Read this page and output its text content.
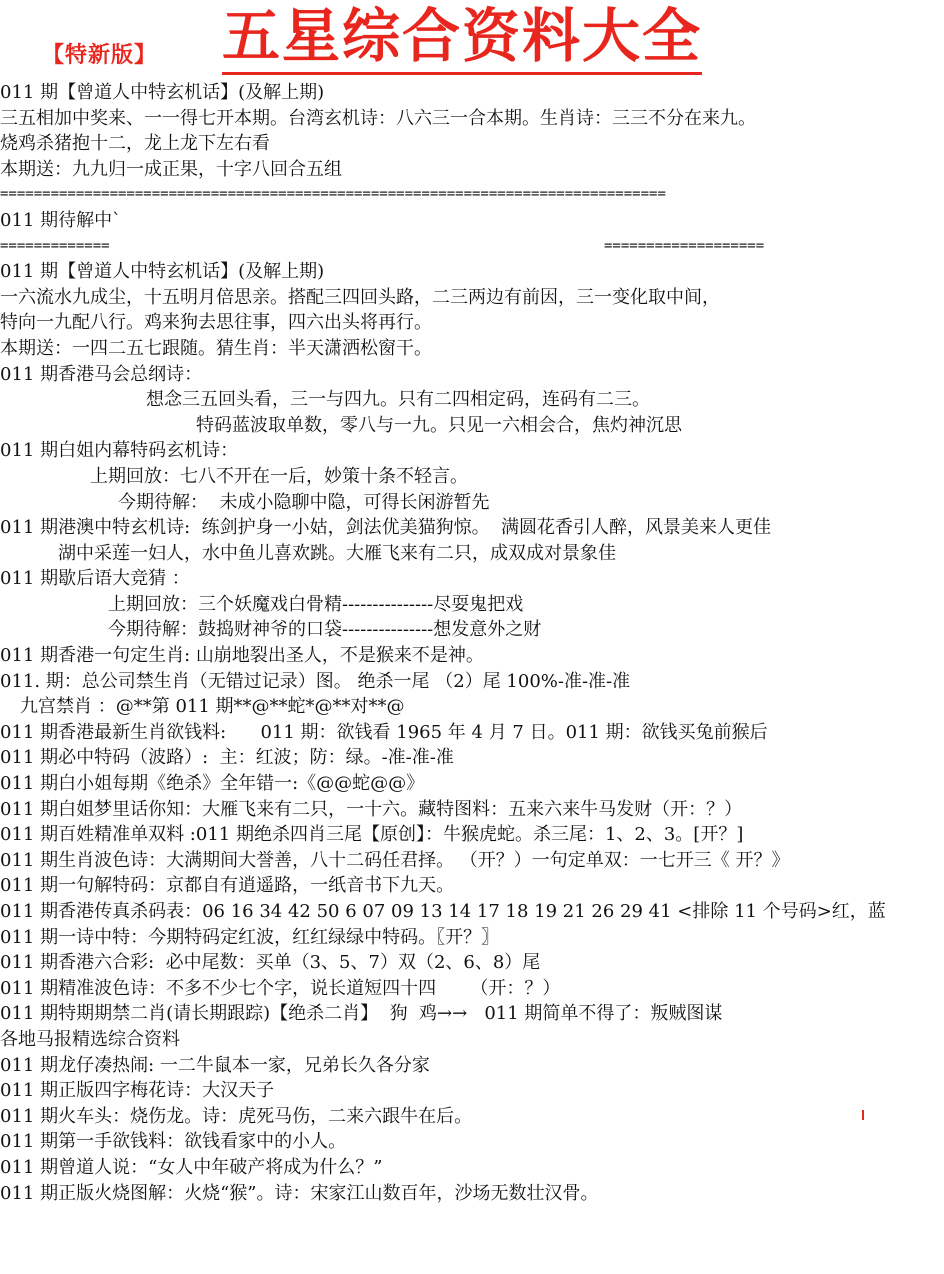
【特新版】 五星综合资料大全
011 期【曾道人中特玄机话】(及解上期)
三五相加中奖来、一一得七开本期。台湾玄机诗：八六三一合本期。生肖诗：三三不分在来九。
烧鸡杀猪抱十二，龙上龙下左右看
本期送：九九归一成正果，十字八回合五组
===============================================================================
011 期待解中`
=============	===================
011 期【曾道人中特玄机话】(及解上期)
一六流水九成尘，十五明月倍思亲。搭配三四回头路，二三两边有前因，三一变化取中间，
特向一九配八行。鸡来狗去思往事，四六出头将再行。
本期送：一四二五七跟随。猜生肖：半天潇洒松窗干。
011 期香港马会总纲诗：
想念三五回头看，三一与四九。只有二四相定码，连码有二三。
特码蓝波取单数，零八与一九。只见一六相会合，焦灼神沉思
011 期白姐内幕特码玄机诗：
上期回放：七八不开在一后，妙策十条不轻言。
今期待解：  未成小隐聊中隐，可得长闲游暂先
011 期港澳中特玄机诗:  练剑护身一小姑，剑法优美猫狗惊。  满圆花香引人醉，风景美来人更佳
湖中采莲一妇人，水中鱼儿喜欢跳。大雁飞来有二只，成双成对景象佳
011 期歇后语大竞猜 ：
上期回放：三个妖魔戏白骨精---------------尽耍鬼把戏
今期待解：鼓捣财神爷的口袋---------------想发意外之财
011 期香港一句定生肖: 山崩地裂出圣人，不是猴来不是神。
011. 期：总公司禁生肖（无错过记录）图。 绝杀一尾 （2）尾 100%-准-准-准
九宫禁肖 ：@**第 011 期**@**蛇*@**对**@
011 期香港最新生肖欲钱料:      011 期：欲钱看 1965 年 4 月 7 日。011 期：欲钱买兔前猴后
011 期必中特码（波路）:  主：红波；防：绿。-准-准-准
011 期白小姐每期《绝杀》全年错一:《@@蛇@@》
011 期白姐梦里话你知：大雁飞来有二只，一十六。藏特图料：五来六来牛马发财（开：？）
011 期百姓精准单双料 :011 期绝杀四肖三尾【原创】：牛猴虎蛇。杀三尾：1、2、3。[开？]
011 期生肖波色诗：大满期间大誉善，八十二码任君择。 （开？）一句定单双：一七开三《 开？》
011 期一句解特码：京都自有逍遥路，一纸音书下九天。
011 期香港传真杀码表：06 16 34 42 50 6 07 09 13 14 17 18 19 21 26 29 41 <排除 11 个号码>红，蓝
011 期一诗中特：今期特码定红波，红红绿绿中特码。〖开？〗
011 期香港六合彩:  必中尾数：买单（3、5、7）双（2、6、8）尾
011 期精准波色诗：不多不少七个字，说长道短四十四      （开：？）
011 期特期期禁二肖(请长期跟踪)【绝杀二肖】  狗  鸡→→   011 期简单不得了：叛贼图谋
各地马报精选综合资料
011 期龙仔凑热闹: 一二牛鼠本一家，兄弟长久各分家
011 期正版四字梅花诗：大汉天子
011 期火车头：烧伤龙。诗：虎死马伤，二来六跟牛在后。
011 期第一手欲钱料：欲钱看家中的小人。
011 期曾道人说：“女人中年破产将成为什么？”
011 期正版火烧图解：火烧“猴”。诗：宋家江山数百年，沙场无数壮汉骨。
